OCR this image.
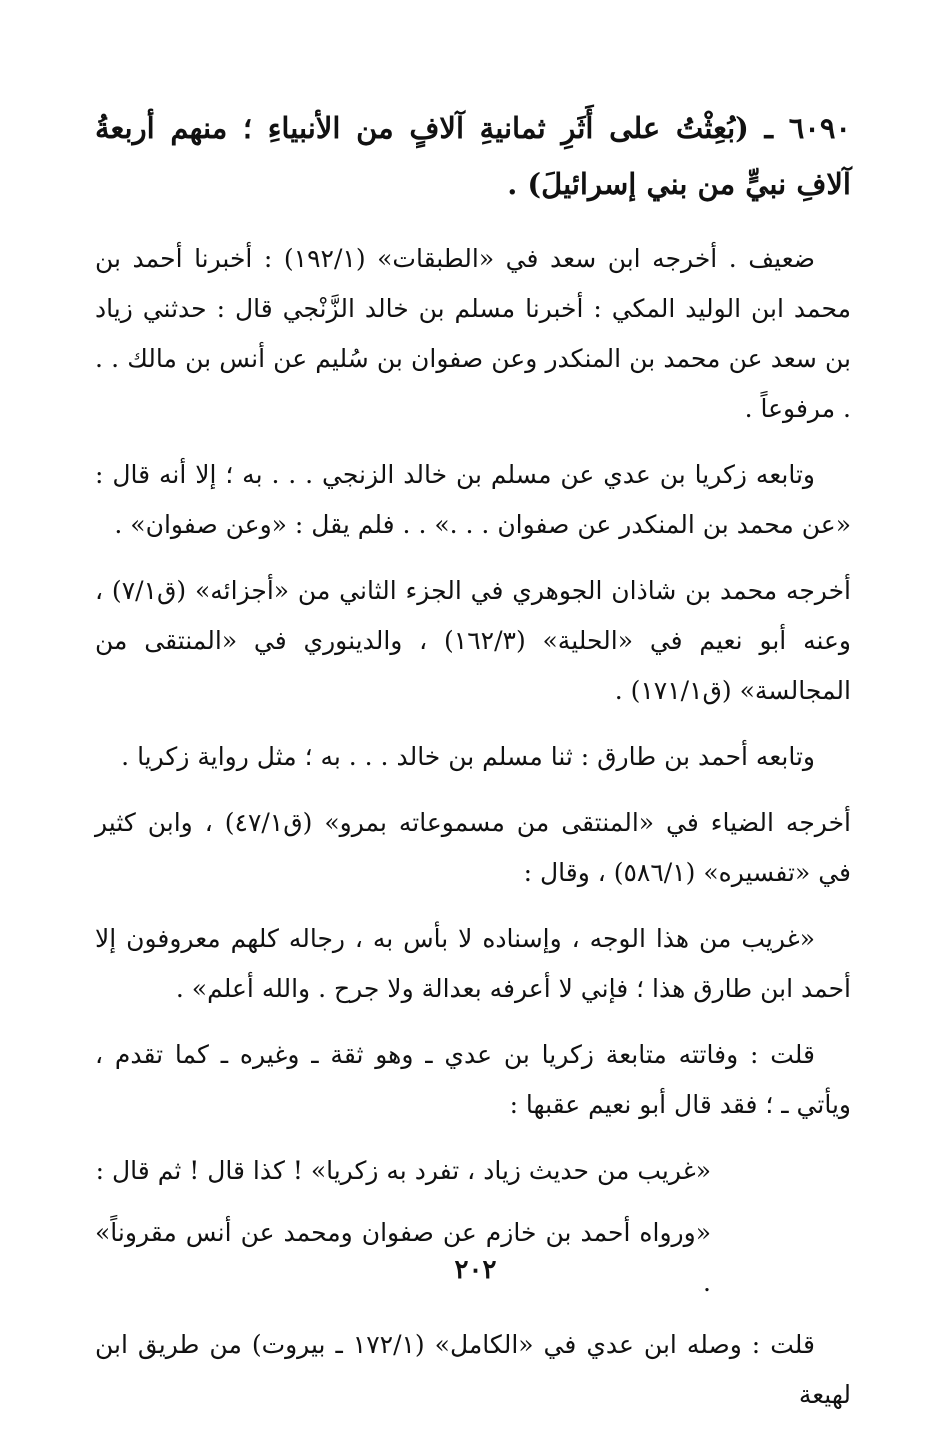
٦٠٩٠ ـ (بُعِثْتُ على أَثَرِ ثمانيةِ آلافٍ من الأنبياءِ ؛ منهم أربعةُ آلافِ نبيٍّ من بني إسرائيلَ) .

ضعيف . أخرجه ابن سعد في «الطبقات» (١٩٢/١) : أخبرنا أحمد بن محمد ابن الوليد المكي : أخبرنا مسلم بن خالد الزَّنْجي قال : حدثني زياد بن سعد عن محمد بن المنكدر وعن صفوان بن سُليم عن أنس بن مالك . . . مرفوعاً .

وتابعه زكريا بن عدي عن مسلم بن خالد الزنجي . . . به ؛ إلا أنه قال : «عن محمد بن المنكدر عن صفوان . . .» . . فلم يقل : «وعن صفوان» .

أخرجه محمد بن شاذان الجوهري في الجزء الثاني من «أجزائه» (ق٧/١) ، وعنه أبو نعيم في «الحلية» (١٦٢/٣) ، والدينوري في «المنتقى من المجالسة» (ق١٧١/١) .

وتابعه أحمد بن طارق : ثنا مسلم بن خالد . . . به ؛ مثل رواية زكريا .

أخرجه الضياء في «المنتقى من مسموعاته بمرو» (ق٤٧/١) ، وابن كثير في «تفسيره» (٥٨٦/١) ، وقال :

«غريب من هذا الوجه ، وإسناده لا بأس به ، رجاله كلهم معروفون إلا أحمد ابن طارق هذا ؛ فإني لا أعرفه بعدالة ولا جرح . والله أعلم» .

قلت : وفاتته متابعة زكريا بن عدي ـ وهو ثقة ـ وغيره ـ كما تقدم ، ويأتي ـ ؛ فقد قال أبو نعيم عقبها :

«غريب من حديث زياد ، تفرد به زكريا» ! كذا قال ! ثم قال :

«ورواه أحمد بن خازم عن صفوان ومحمد عن أنس مقروناً» .

قلت : وصله ابن عدي في «الكامل» (١٧٢/١ ـ بيروت) من طريق ابن لهيعة

٢٠٢
